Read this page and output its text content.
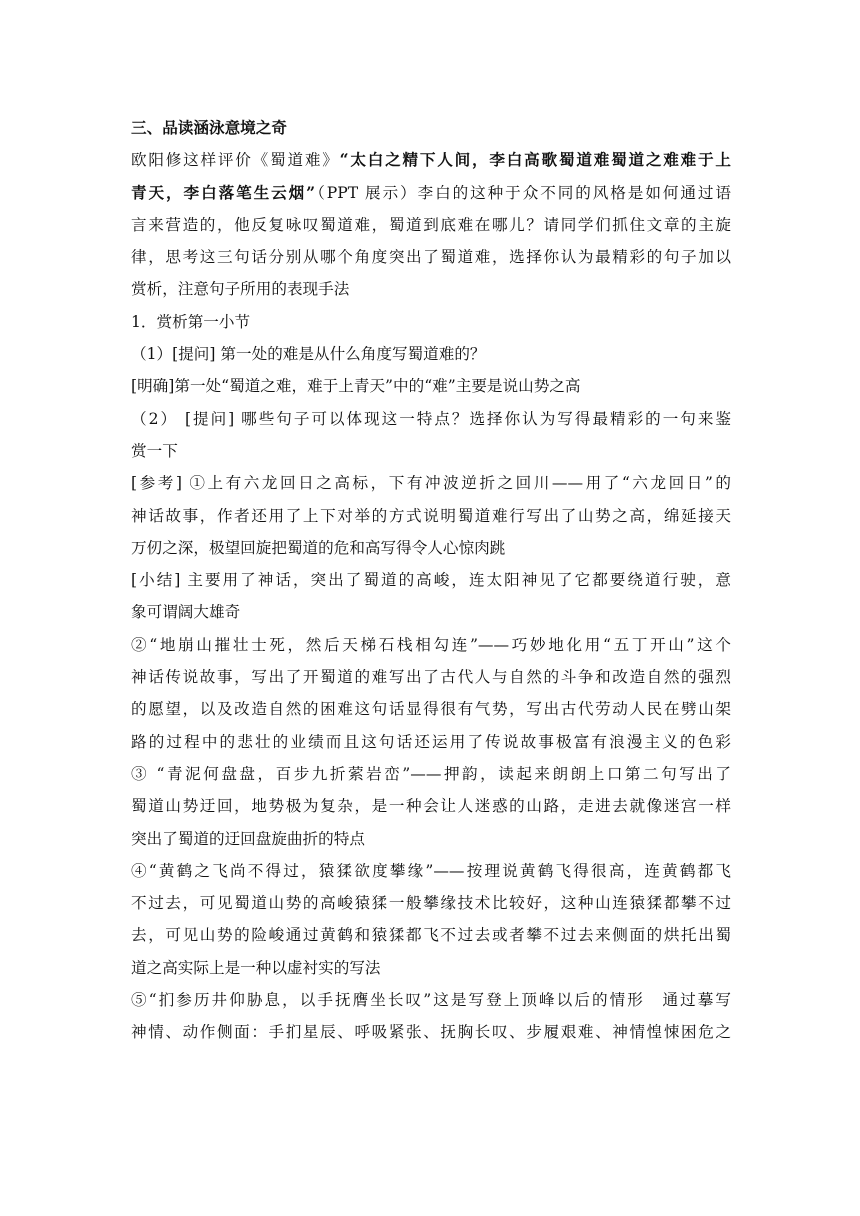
三、品读涵泳意境之奇
欧阳修这样评价《蜀道难》“太白之精下人间，李白高歌蜀道难蜀道之难难于上
青天，李白落笔生云烟”（PPT 展示）李白的这种于众不同的风格是如何通过语
言来营造的，他反复咏叹蜀道难，蜀道到底难在哪儿？请同学们抓住文章的主旋
律，思考这三句话分别从哪个角度突出了蜀道难，选择你认为最精彩的句子加以
赏析，注意句子所用的表现手法
1．赏析第一小节
（1）[提问] 第一处的难是从什么角度写蜀道难的？
[明确]第一处“蜀道之难，难于上青天”中的“难”主要是说山势之高
（2） [提问] 哪些句子可以体现这一特点？选择你认为写得最精彩的一句来鉴
赏一下
[参考] ①上有六龙回日之高标，下有冲波逆折之回川——用了“六龙回日”的
神话故事，作者还用了上下对举的方式说明蜀道难行写出了山势之高，绵延接天
万仞之深，极望回旋把蜀道的危和高写得令人心惊肉跳
[小结] 主要用了神话，突出了蜀道的高峻，连太阳神见了它都要绕道行驶，意
象可谓阔大雄奇
②“地崩山摧壮士死，然后天梯石栈相勾连”——巧妙地化用“五丁开山”这个
神话传说故事，写出了开蜀道的难写出了古代人与自然的斗争和改造自然的强烈
的愿望，以及改造自然的困难这句话显得很有气势，写出古代劳动人民在劈山架
路的过程中的悲壮的业绩而且这句话还运用了传说故事极富有浪漫主义的色彩
③ “青泥何盘盘，百步九折萦岩峦”——押韵，读起来朗朗上口第二句写出了
蜀道山势迂回，地势极为复杂，是一种会让人迷惑的山路，走进去就像迷宫一样
突出了蜀道的迂回盘旋曲折的特点
④“黄鹤之飞尚不得过，猿猱欲度攀缘”——按理说黄鹤飞得很高，连黄鹤都飞
不过去，可见蜀道山势的高峻猿猱一般攀缘技术比较好，这种山连猿猱都攀不过
去，可见山势的险峻通过黄鹤和猿猱都飞不过去或者攀不过去来侧面的烘托出蜀
道之高实际上是一种以虚衬实的写法
⑤“扪参历井仰胁息，以手抚膺坐长叹”这是写登上顶峰以后的情形　通过摹写
神情、动作侧面：手扪星辰、呼吸紧张、抚胸长叹、步履艰难、神情惶悚困危之
